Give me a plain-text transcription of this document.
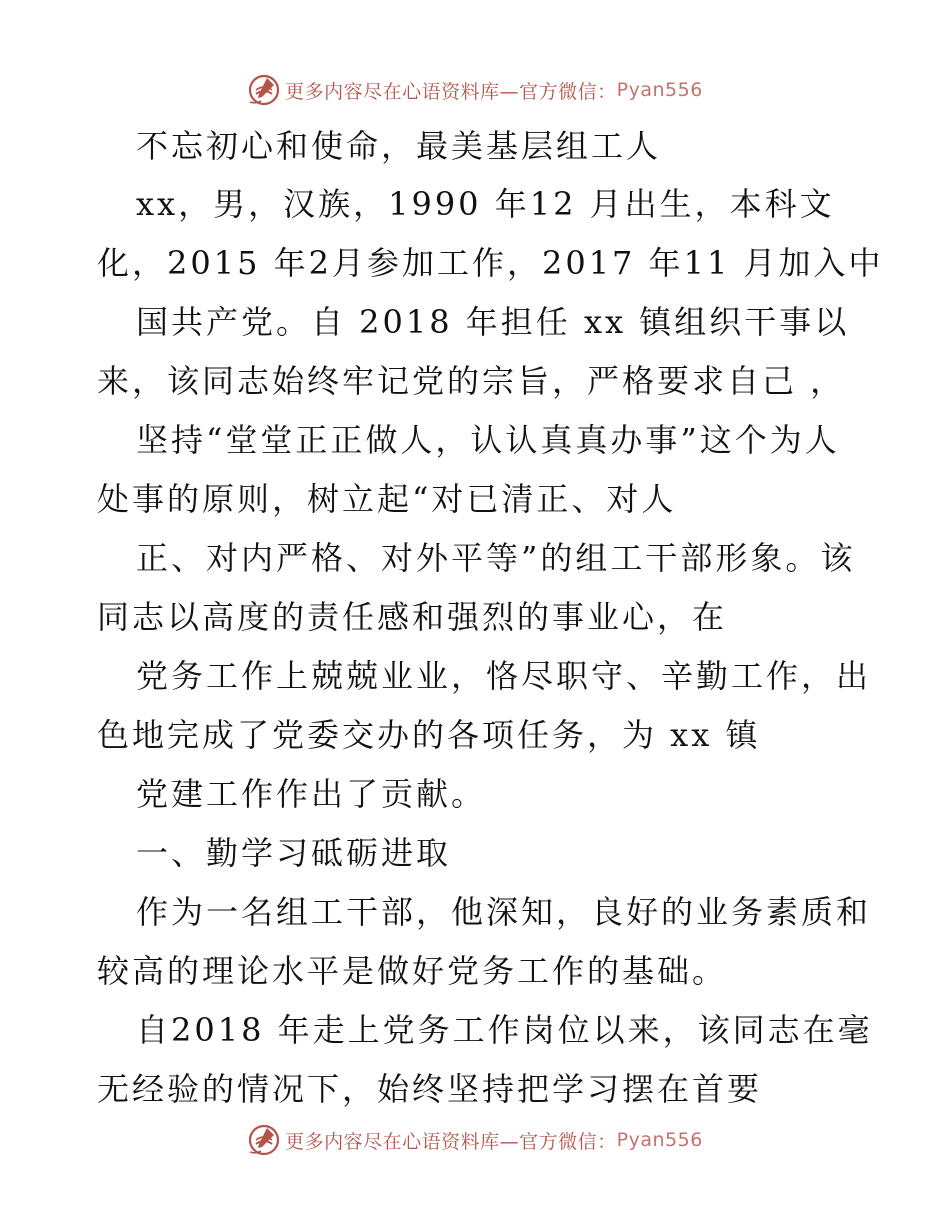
更多内容尽在心语资料库—官方微信： Pyan556
不忘初心和使命，最美基层组工人
xx，男，汉族，1990 年12 月出生，本科文
化，2015 年2月参加工作，2017 年11 月加入中
国共产党。自 2018 年担任 xx 镇组织干事以
来，该同志始终牢记党的宗旨，严格要求自己 ，
坚持“堂堂正正做人，认认真真办事”这个为人
处事的原则，树立起“对已清正、对人
正、对内严格、对外平等”的组工干部形象。该
同志以高度的责任感和强烈的事业心，在
党务工作上兢兢业业，恪尽职守、辛勤工作，出
色地完成了党委交办的各项任务，为 xx 镇
党建工作作出了贡献。
一、勤学习砥砺进取
作为一名组工干部，他深知，良好的业务素质和
较高的理论水平是做好党务工作的基础。
自2018 年走上党务工作岗位以来，该同志在毫
无经验的情况下，始终坚持把学习摆在首要
更多内容尽在心语资料库—官方微信： Pyan556
